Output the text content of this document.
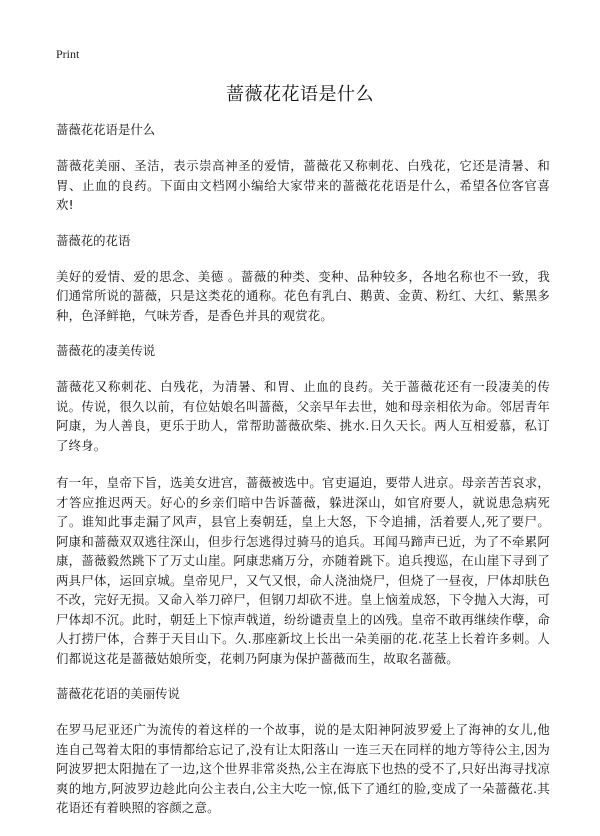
Print
蔷薇花花语是什么
蔷薇花花语是什么

蔷薇花美丽、圣洁，表示崇高神圣的爱情，蔷薇花又称刺花、白残花，它还是清暑、和胃、止血的良药。下面由文档网小编给大家带来的蔷薇花花语是什么，希望各位客官喜欢!

蔷薇花的花语

美好的爱情、爱的思念、美德 。蔷薇的种类、变种、品种较多，各地名称也不一致，我们通常所说的蔷薇，只是这类花的通称。花色有乳白、鹅黄、金黄、粉红、大红、紫黑多种，色泽鲜艳，气味芳香，是香色并具的观赏花。

蔷薇花的凄美传说

蔷薇花又称刺花、白残花，为清暑、和胃、止血的良药。关于蔷薇花还有一段凄美的传说。传说，很久以前，有位姑娘名叫蔷薇，父亲早年去世，她和母亲相依为命。邻居青年阿康，为人善良，更乐于助人，常帮助蔷薇砍柴、挑水.日久天长。两人互相爱慕，私订了终身。

有一年，皇帝下旨，选美女进宫，蔷薇被选中。官吏逼迫，要带人进京。母亲苦苦哀求，才答应推迟两天。好心的乡亲们暗中告诉蔷薇，躲进深山，如官府要人，就说患急病死了。谁知此事走漏了风声，县官上奏朝廷，皇上大怒，下令追捕，活着要人,死了要尸。阿康和蔷薇双双逃往深山，但步行怎逃得过骑马的追兵。耳闻马蹄声已近，为了不牵累阿康，蔷薇毅然跳下了万丈山崖。阿康悲痛万分，亦随着跳下。追兵搜巡，在山崖下寻到了两具尸体，运回京城。皇帝见尸，又气又恨，命人浇油烧尸，但烧了一昼夜，尸体却肤色不改，完好无损。又命入举刀碎尸，但钢刀却砍不进。皇上恼羞成怒，下令抛入大海，可尸体却不沉。此时，朝廷上下惊声戟道，纷纷谴责皇上的凶残。皇帝不敢再继续作孽，命人打捞尸体，合葬于天目山下。久.那座新坟上长出一朵美丽的花.花茎上长着许多刺。人们都说这花是蔷薇姑娘所变，花刺乃阿康为保护蔷薇而生，故取名蔷薇。

蔷薇花花语的美丽传说

在罗马尼亚还广为流传的着这样的一个故事，说的是太阳神阿波罗爱上了海神的女儿,他连自己驾着太阳的事情都给忘记了,没有让太阳落山 一连三天在同样的地方等待公主,因为阿波罗把太阳抛在了一边,这个世界非常炎热,公主在海底下也热的受不了,只好出海寻找凉爽的地方,阿波罗边趁此向公主表白,公主大吃一惊,低下了通红的脸,变成了一朵蔷薇花.其花语还有着映照的容颜之意。
